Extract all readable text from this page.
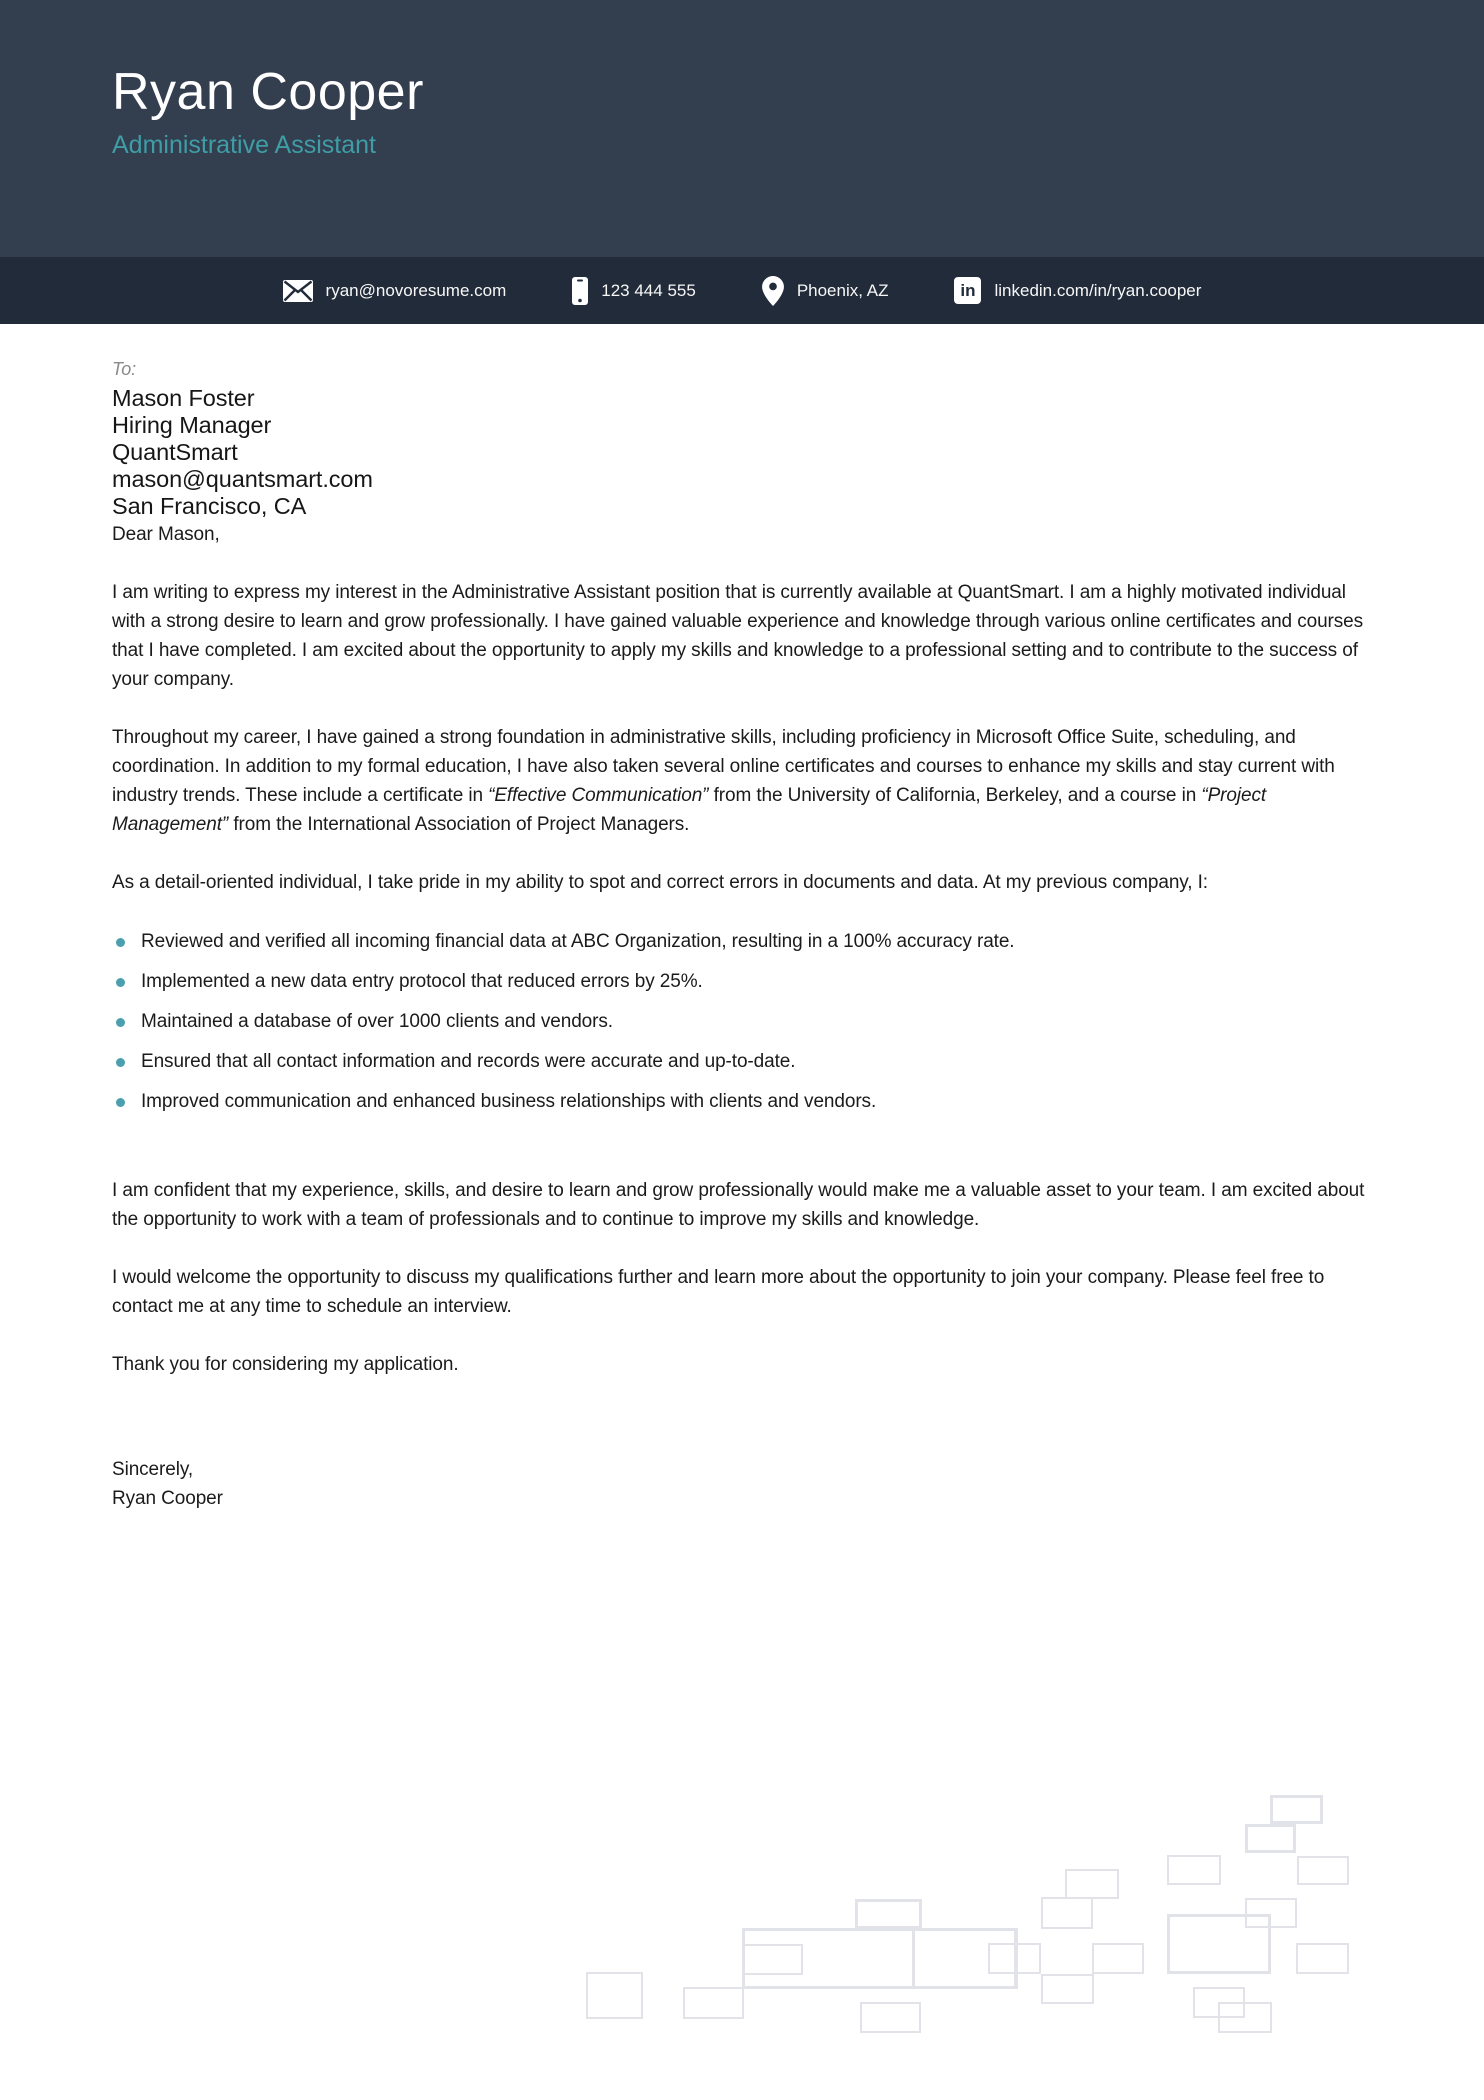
Ryan Cooper
Administrative Assistant
ryan@novoresume.com	123 444 555	Phoenix, AZ	in	linkedin.com/in/ryan.cooper
To:
Mason Foster
Hiring Manager
QuantSmart
mason@quantsmart.com
San Francisco, CA

Dear Mason,

I am writing to express my interest in the Administrative Assistant position that is currently available at QuantSmart. I am a highly motivated individual with a strong desire to learn and grow professionally. I have gained valuable experience and knowledge through various online certificates and courses that I have completed. I am excited about the opportunity to apply my skills and knowledge to a professional setting and to contribute to the success of your company.

Throughout my career, I have gained a strong foundation in administrative skills, including proficiency in Microsoft Office Suite, scheduling, and coordination. In addition to my formal education, I have also taken several online certificates and courses to enhance my skills and stay current with industry trends. These include a certificate in “Effective Communication” from the University of California, Berkeley, and a course in “Project Management” from the International Association of Project Managers.

As a detail-oriented individual, I take pride in my ability to spot and correct errors in documents and data. At my previous company, I:

Reviewed and verified all incoming financial data at ABC Organization, resulting in a 100% accuracy rate.
Implemented a new data entry protocol that reduced errors by 25%.
Maintained a database of over 1000 clients and vendors.
Ensured that all contact information and records were accurate and up-to-date.
Improved communication and enhanced business relationships with clients and vendors.

I am confident that my experience, skills, and desire to learn and grow professionally would make me a valuable asset to your team. I am excited about the opportunity to work with a team of professionals and to continue to improve my skills and knowledge.

I would welcome the opportunity to discuss my qualifications further and learn more about the opportunity to join your company. Please feel free to contact me at any time to schedule an interview.

Thank you for considering my application.

Sincerely,
Ryan Cooper
